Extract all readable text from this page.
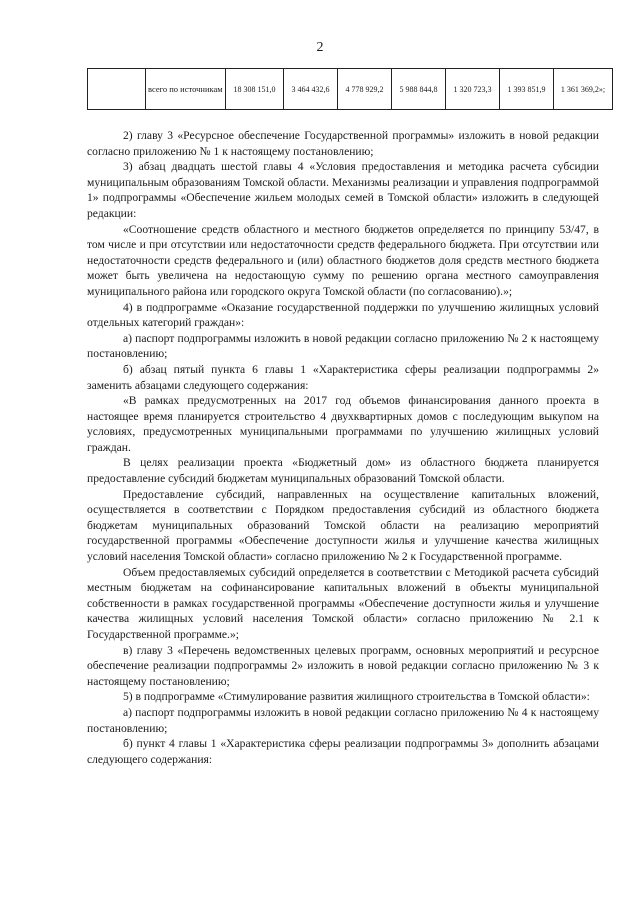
2
	всего по источникам	18 308 151,0	3 464 432,6	4 778 929,2	5 988 844,8	1 320 723,3	1 393 851,9	1 361 369,2»;

2) главу 3 «Ресурсное обеспечение Государственной программы» изложить в новой редакции согласно приложению № 1 к настоящему постановлению;

3) абзац двадцать шестой главы 4 «Условия предоставления и методика расчета субсидии муниципальным образованиям Томской области. Механизмы реализации и управления подпрограммой 1» подпрограммы «Обеспечение жильем молодых семей в Томской области» изложить в следующей редакции:

«Соотношение средств областного и местного бюджетов определяется по принципу 53/47, в том числе и при отсутствии или недостаточности средств федерального бюджета. При отсутствии или недостаточности средств федерального и (или) областного бюджетов доля средств местного бюджета может быть увеличена на недостающую сумму по решению органа местного самоуправления муниципального района или городского округа Томской области (по согласованию).»;

4) в подпрограмме «Оказание государственной поддержки по улучшению жилищных условий отдельных категорий граждан»:

а) паспорт подпрограммы изложить в новой редакции согласно приложению № 2 к настоящему постановлению;

б) абзац пятый пункта 6 главы 1 «Характеристика сферы реализации подпрограммы 2» заменить абзацами следующего содержания:

«В рамках предусмотренных на 2017 год объемов финансирования данного проекта в настоящее время планируется строительство 4 двухквартирных домов с последующим выкупом на условиях, предусмотренных муниципальными программами по улучшению жилищных условий граждан.

В целях реализации проекта «Бюджетный дом» из областного бюджета планируется предоставление субсидий бюджетам муниципальных образований Томской области.

Предоставление субсидий, направленных на осуществление капитальных вложений, осуществляется в соответствии с Порядком предоставления субсидий из областного бюджета бюджетам муниципальных образований Томской области на реализацию мероприятий государственной программы «Обеспечение доступности жилья и улучшение качества жилищных условий населения Томской области» согласно приложению № 2 к Государственной программе.

Объем предоставляемых субсидий определяется в соответствии с Методикой расчета субсидий местным бюджетам на софинансирование капитальных вложений в объекты муниципальной собственности в рамках государственной программы «Обеспечение доступности жилья и улучшение качества жилищных условий населения Томской области» согласно приложению № 2.1 к Государственной программе.»;

в) главу 3 «Перечень ведомственных целевых программ, основных мероприятий и ресурсное обеспечение реализации подпрограммы 2» изложить в новой редакции согласно приложению № 3 к настоящему постановлению;

5) в подпрограмме «Стимулирование развития жилищного строительства в Томской области»:

а) паспорт подпрограммы изложить в новой редакции согласно приложению № 4 к настоящему постановлению;

б) пункт 4 главы 1 «Характеристика сферы реализации подпрограммы 3» дополнить абзацами следующего содержания:
